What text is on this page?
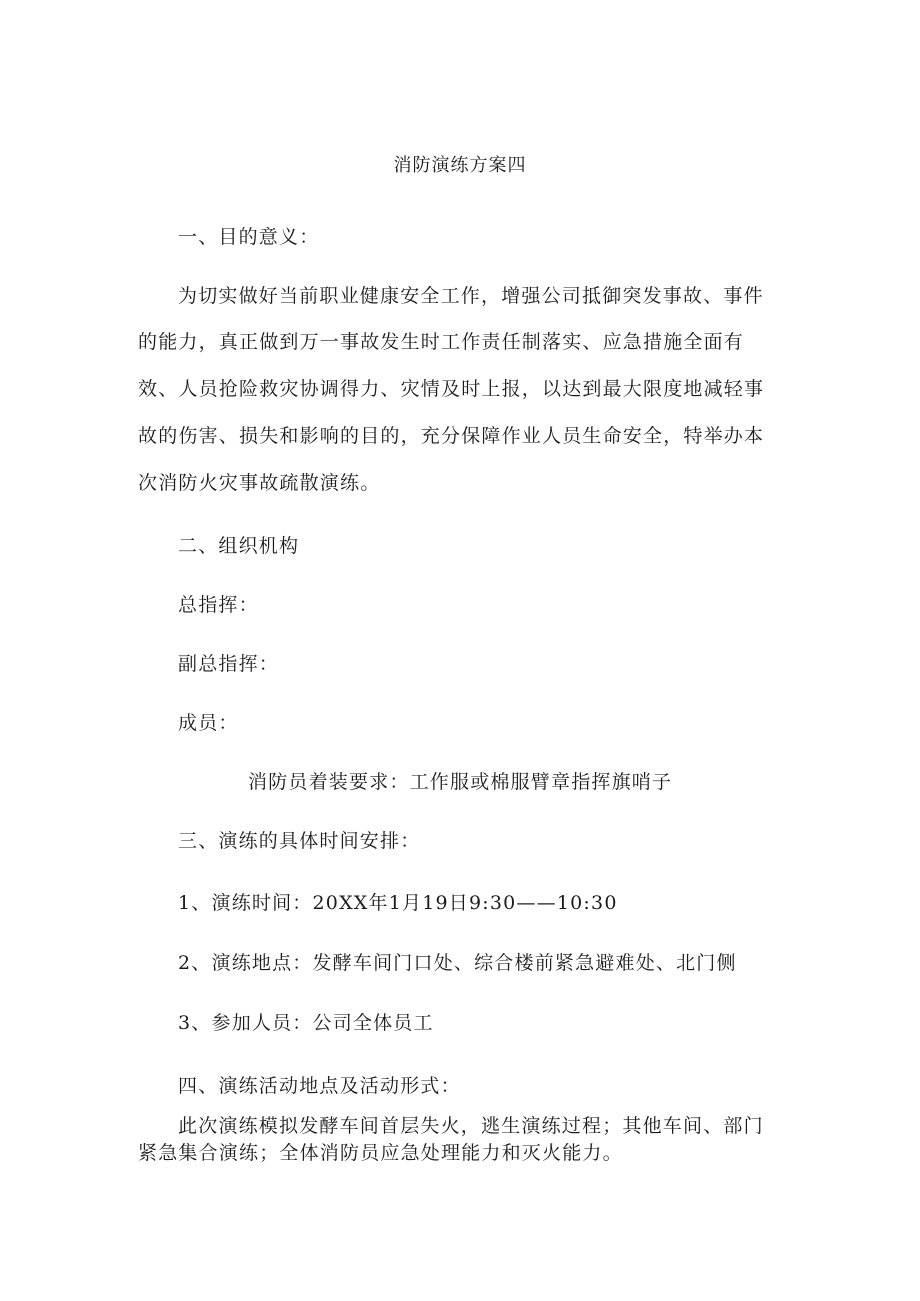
消防演练方案四
一、目的意义：
为切实做好当前职业健康安全工作，增强公司抵御突发事故、事件
的能力，真正做到万一事故发生时工作责任制落实、应急措施全面有
效、人员抢险救灾协调得力、灾情及时上报，以达到最大限度地减轻事
故的伤害、损失和影响的目的，充分保障作业人员生命安全，特举办本
次消防火灾事故疏散演练。
二、组织机构
总指挥：
副总指挥：
成员：
消防员着装要求：工作服或棉服臂章指挥旗哨子
三、演练的具体时间安排：
1、演练时间：20XX年1月19日9:30——10:30
2、演练地点：发酵车间门口处、综合楼前紧急避难处、北门侧
3、参加人员：公司全体员工
四、演练活动地点及活动形式：
此次演练模拟发酵车间首层失火，逃生演练过程；其他车间、部门
紧急集合演练；全体消防员应急处理能力和灭火能力。
